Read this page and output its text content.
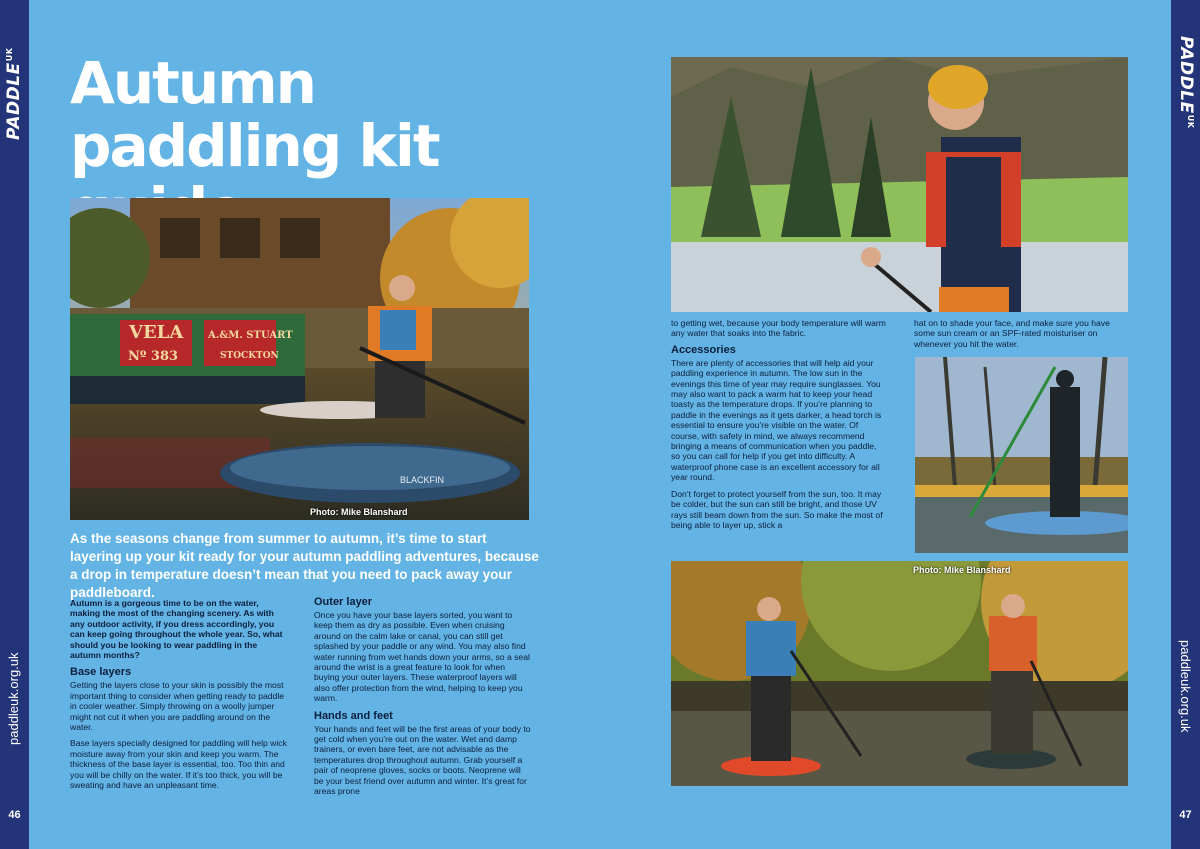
$PADDLE^{UK}$
paddleuk.org.uk
46
$PADDLE^{UK}$
paddleuk.org.uk
47
Autumn paddling kit
VELA
Nº 383
A.&M. STUART
STOCKTON
BLACKFIN
Photo: Mike Blanshard

As the seasons change from summer to autumn, it’s time to start layering up your kit ready for your autumn paddling adventures, because a drop in temperature doesn’t mean that you need to pack away your paddleboard.

Autumn is a gorgeous time to be on the water, making the most of the changing scenery. As with any outdoor activity, if you dress accordingly, you can keep going throughout the whole year. So, what should you be looking to wear paddling in the autumn months?

Base layers

Getting the layers close to your skin is possibly the most important thing to consider when getting ready to paddle in cooler weather. Simply throwing on a woolly jumper might not cut it when you are paddling around on the water.

Base layers specially designed for paddling will help wick moisture away from your skin and keep you warm. The thickness of the base layer is essential, too. Too thin and you will be chilly on the water. If it’s too thick, you will be sweating and have an unpleasant time.

Outer layer

Once you have your base layers sorted, you want to keep them as dry as possible. Even when cruising around on the calm lake or canal, you can still get splashed by your paddle or any wind. You may also find water running from wet hands down your arms, so a seal around the wrist is a great feature to look for when buying your outer layers. These waterproof layers will also offer protection from the wind, helping to keep you warm.

Hands and feet

Your hands and feet will be the first areas of your body to get cold when you’re out on the water. Wet and damp trainers, or even bare feet, are not advisable as the temperatures drop throughout autumn. Grab yourself a pair of neoprene gloves, socks or boots. Neoprene will be your best friend over autumn and winter. It’s great for areas prone

to getting wet, because your body temperature will warm any water that soaks into the fabric.

Accessories

There are plenty of accessories that will help aid your paddling experience in autumn. The low sun in the evenings this time of year may require sunglasses. You may also want to pack a warm hat to keep your head toasty as the temperature drops. If you’re planning to paddle in the evenings as it gets darker, a head torch is essential to ensure you’re visible on the water. Of course, with safety in mind, we always recommend bringing a means of communication when you paddle, so you can call for help if you get into difficulty. A waterproof phone case is an excellent accessory for all year round.

Don’t forget to protect yourself from the sun, too. It may be colder, but the sun can still be bright, and those UV rays still beam down from the sun. So make the most of being able to layer up, stick a

hat on to shade your face, and make sure you have some sun cream or an SPF-rated moisturiser on whenever you hit the water.

Photo: Mike Blanshard
